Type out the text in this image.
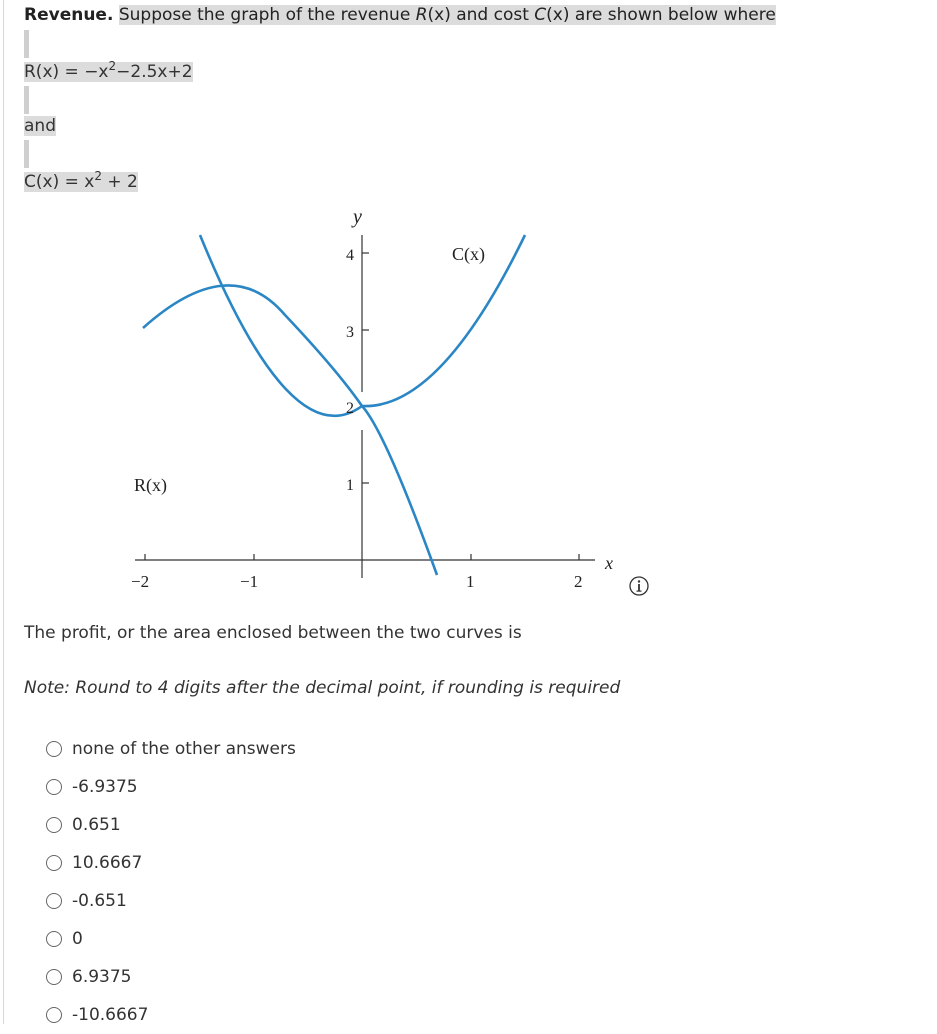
Revenue. Suppose the graph of the revenue R(x) and cost C(x) are shown below where
$R(x) = -x^2-2.5x+2$
and
$C(x) = x^2 + 2$
y
x
C(x)
R(x)
4
3
2
1
−2	−1	1	2
The profit, or the area enclosed between the two curves is
Note: Round to 4 digits after the decimal point, if rounding is required
none of the other answers
-6.9375
0.651
10.6667
-0.651
0
6.9375
-10.6667
